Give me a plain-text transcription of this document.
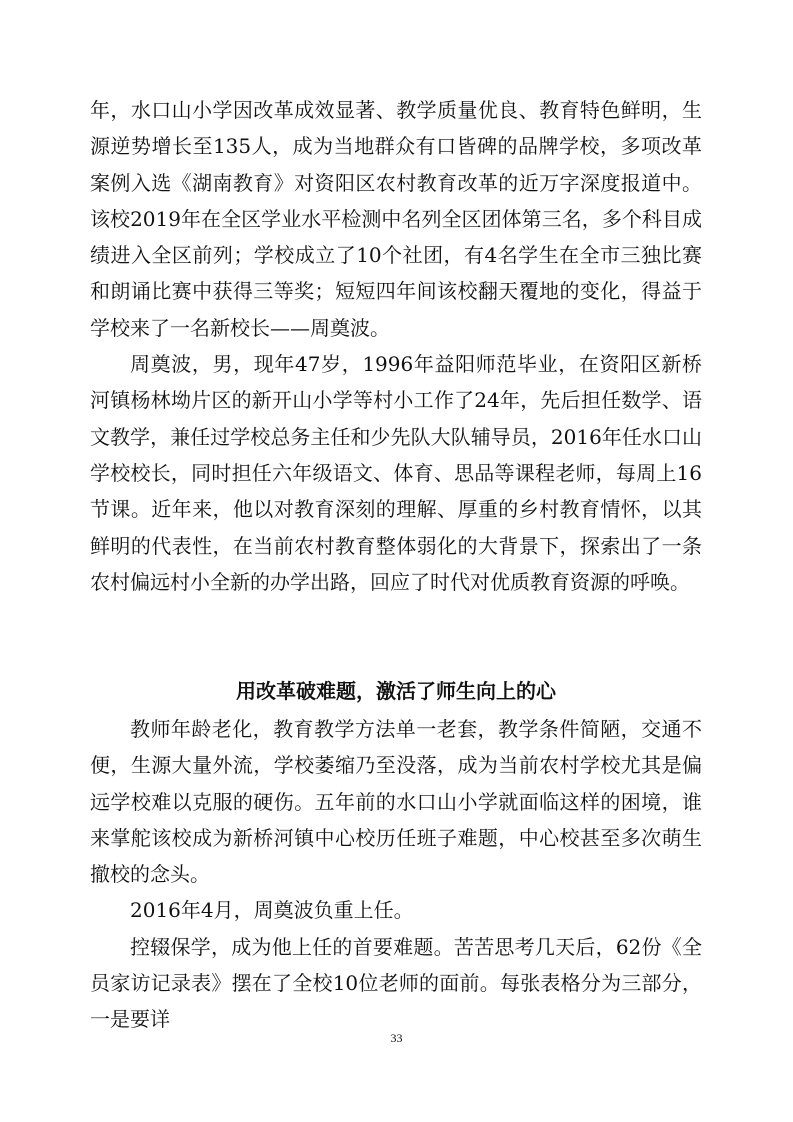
年，水口山小学因改革成效显著、教学质量优良、教育特色鲜明，生源逆势增长至135人，成为当地群众有口皆碑的品牌学校，多项改革案例入选《湖南教育》对资阳区农村教育改革的近万字深度报道中。该校2019年在全区学业水平检测中名列全区团体第三名，多个科目成绩进入全区前列；学校成立了10个社团，有4名学生在全市三独比赛和朗诵比赛中获得三等奖；短短四年间该校翻天覆地的变化，得益于学校来了一名新校长——周奠波。

周奠波，男，现年47岁，1996年益阳师范毕业，在资阳区新桥河镇杨林坳片区的新开山小学等村小工作了24年，先后担任数学、语文教学，兼任过学校总务主任和少先队大队辅导员，2016年任水口山学校校长，同时担任六年级语文、体育、思品等课程老师，每周上16节课。近年来，他以对教育深刻的理解、厚重的乡村教育情怀，以其鲜明的代表性，在当前农村教育整体弱化的大背景下，探索出了一条农村偏远村小全新的办学出路，回应了时代对优质教育资源的呼唤。

用改革破难题，激活了师生向上的心

教师年龄老化，教育教学方法单一老套，教学条件简陋，交通不便，生源大量外流，学校萎缩乃至没落，成为当前农村学校尤其是偏远学校难以克服的硬伤。五年前的水口山小学就面临这样的困境，谁来掌舵该校成为新桥河镇中心校历任班子难题，中心校甚至多次萌生撤校的念头。

2016年4月，周奠波负重上任。

控辍保学，成为他上任的首要难题。苦苦思考几天后，62份《全员家访记录表》摆在了全校10位老师的面前。每张表格分为三部分，一是要详

33
